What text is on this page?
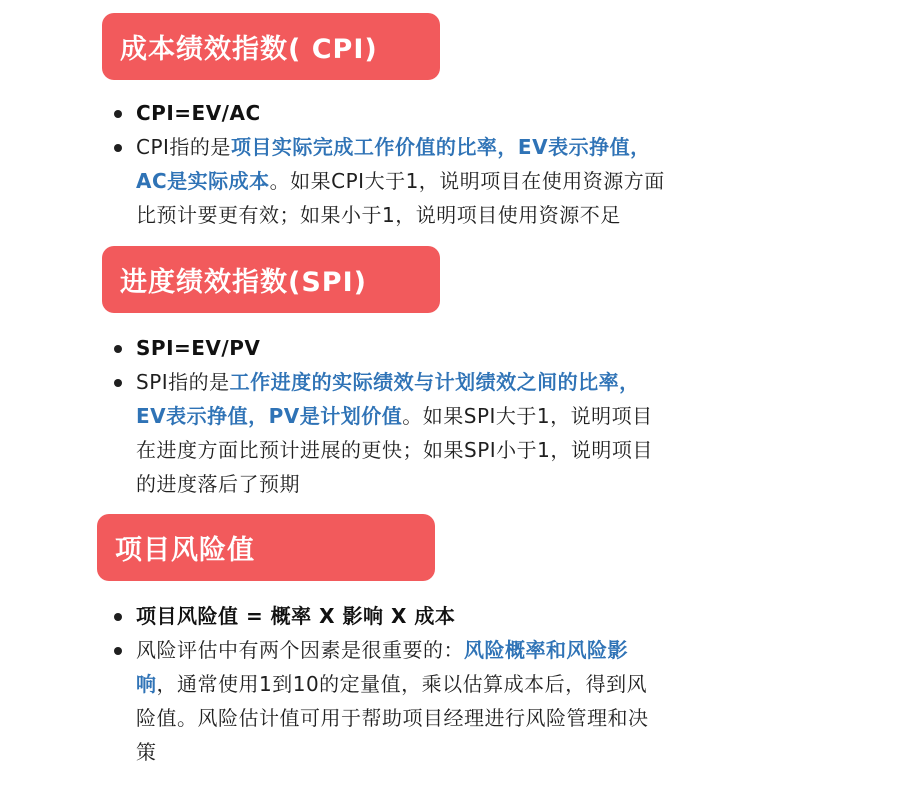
成本绩效指数( CPI)
CPI=EV/AC
CPI指的是项目实际完成工作价值的比率，EV表示挣值，
AC是实际成本。如果CPI大于1，说明项目在使用资源方面
比预计要更有效；如果小于1，说明项目使用资源不足
进度绩效指数(SPI)
SPI=EV/PV
SPI指的是工作进度的实际绩效与计划绩效之间的比率，
EV表示挣值，PV是计划价值。如果SPI大于1，说明项目
在进度方面比预计进展的更快；如果SPI小于1，说明项目
的进度落后了预期
项目风险值
项目风险值 = 概率 X 影响 X 成本
风险评估中有两个因素是很重要的：风险概率和风险影
响，通常使用1到10的定量值，乘以估算成本后，得到风
险值。风险估计值可用于帮助项目经理进行风险管理和决
策
